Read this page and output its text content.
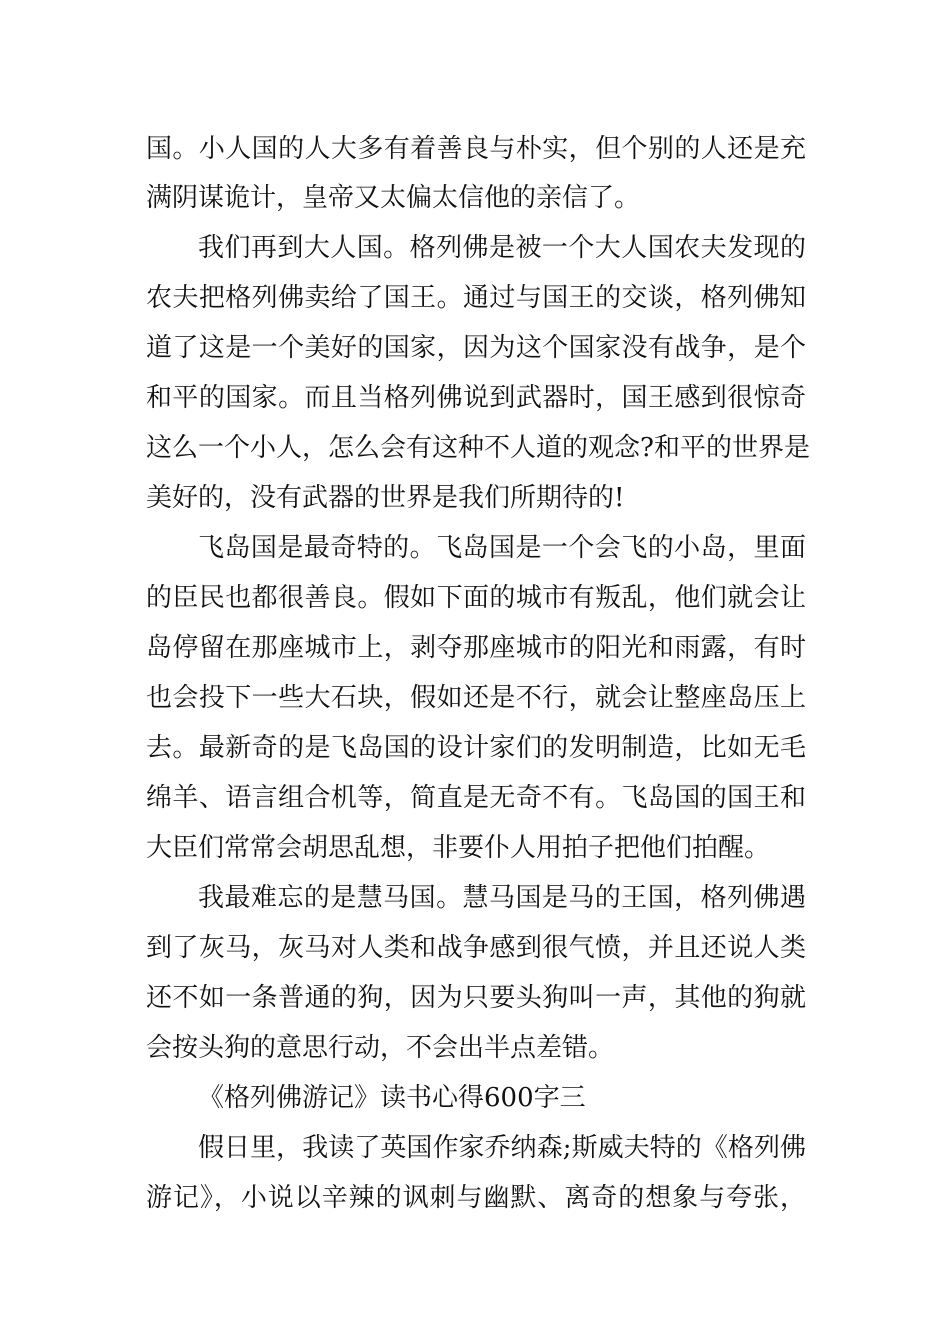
国。小人国的人大多有着善良与朴实，但个别的人还是充
满阴谋诡计，皇帝又太偏太信他的亲信了。
我们再到大人国。格列佛是被一个大人国农夫发现的
农夫把格列佛卖给了国王。通过与国王的交谈，格列佛知
道了这是一个美好的国家，因为这个国家没有战争，是个
和平的国家。而且当格列佛说到武器时，国王感到很惊奇
这么一个小人，怎么会有这种不人道的观念?和平的世界是
美好的，没有武器的世界是我们所期待的!
飞岛国是最奇特的。飞岛国是一个会飞的小岛，里面
的臣民也都很善良。假如下面的城市有叛乱，他们就会让
岛停留在那座城市上，剥夺那座城市的阳光和雨露，有时
也会投下一些大石块，假如还是不行，就会让整座岛压上
去。最新奇的是飞岛国的设计家们的发明制造，比如无毛
绵羊、语言组合机等，简直是无奇不有。飞岛国的国王和
大臣们常常会胡思乱想，非要仆人用拍子把他们拍醒。
我最难忘的是慧马国。慧马国是马的王国，格列佛遇
到了灰马，灰马对人类和战争感到很气愤，并且还说人类
还不如一条普通的狗，因为只要头狗叫一声，其他的狗就
会按头狗的意思行动，不会出半点差错。
《格列佛游记》读书心得600字三
假日里，我读了英国作家乔纳森;斯威夫特的《格列佛
游记》，小说以辛辣的讽刺与幽默、离奇的想象与夸张，
